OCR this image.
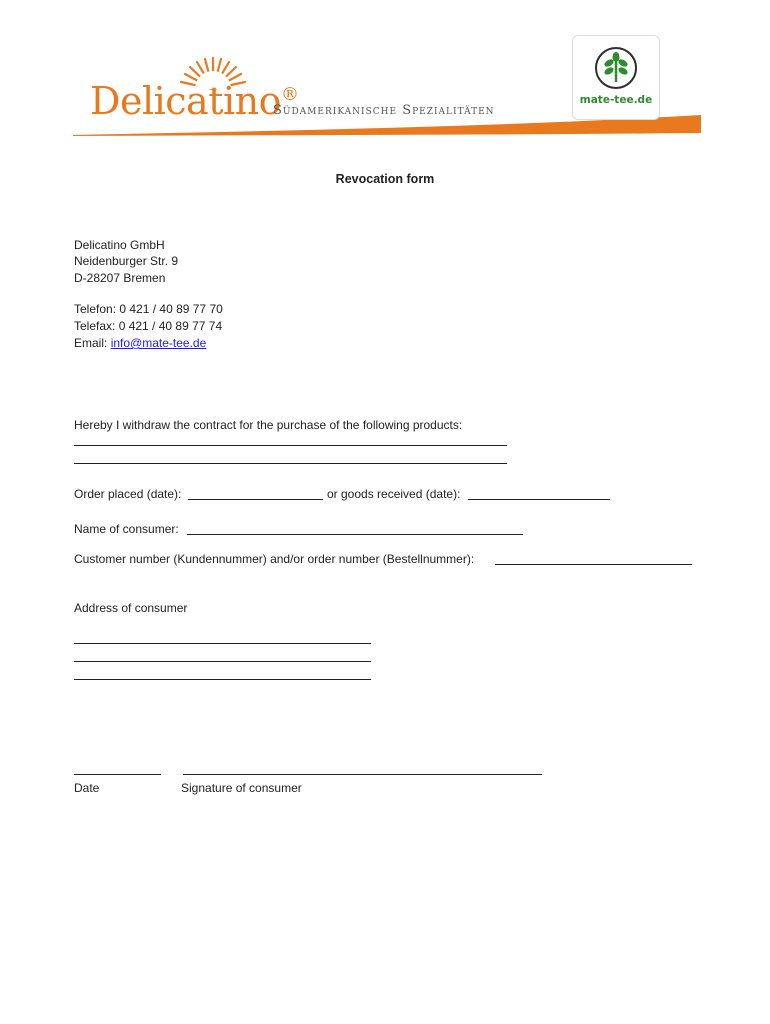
Delicatino®
Südamerikanische Spezialitäten
mate-tee.de
Revocation form
Delicatino GmbH
Neidenburger Str. 9
D-28207 Bremen
Telefon: 0 421 / 40 89 77 70
Telefax: 0 421 / 40 89 77 74
Email: info@mate-tee.de
Hereby I withdraw the contract for the purchase of the following products:
Order placed (date):	or goods received (date):
Name of consumer:
Customer number (Kundennummer) and/or order number (Bestellnummer):
Address of consumer
Date	Signature of consumer
